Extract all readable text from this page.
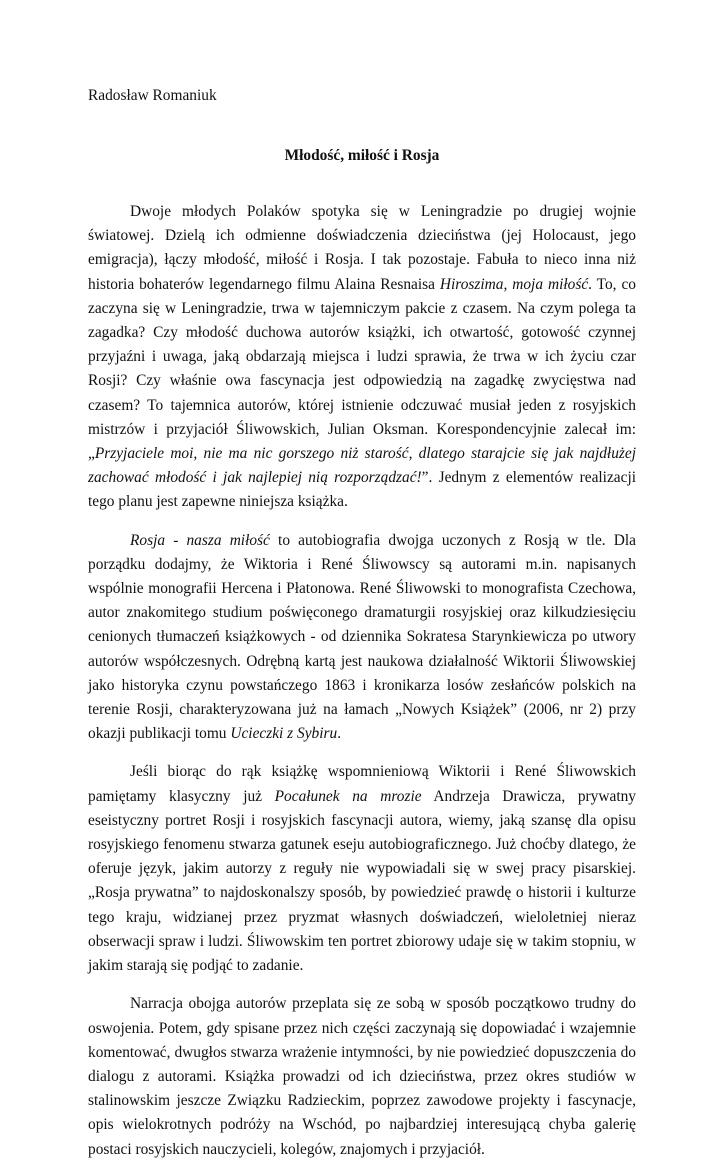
Radosław Romaniuk

Młodość, miłość i Rosja

Dwoje młodych Polaków spotyka się w Leningradzie po drugiej wojnie światowej. Dzielą ich odmienne doświadczenia dzieciństwa (jej Holocaust, jego emigracja), łączy młodość, miłość i Rosja. I tak pozostaje. Fabuła to nieco inna niż historia bohaterów legendarnego filmu Alaina Resnaisa Hiroszima, moja miłość. To, co zaczyna się w Leningradzie, trwa w tajemniczym pakcie z czasem. Na czym polega ta zagadka? Czy młodość duchowa autorów książki, ich otwartość, gotowość czynnej przyjaźni i uwaga, jaką obdarzają miejsca i ludzi sprawia, że trwa w ich życiu czar Rosji? Czy właśnie owa fascynacja jest odpowiedzią na zagadkę zwycięstwa nad czasem? To tajemnica autorów, której istnienie odczuwać musiał jeden z rosyjskich mistrzów i przyjaciół Śliwowskich, Julian Oksman. Korespondencyjnie zalecał im: „Przyjaciele moi, nie ma nic gorszego niż starość, dlatego starajcie się jak najdłużej zachować młodość i jak najlepiej nią rozporządzać!”. Jednym z elementów realizacji tego planu jest zapewne niniejsza książka.

Rosja - nasza miłość to autobiografia dwojga uczonych z Rosją w tle. Dla porządku dodajmy, że Wiktoria i René Śliwowscy są autorami m.in. napisanych wspólnie monografii Hercena i Płatonowa. René Śliwowski to monografista Czechowa, autor znakomitego studium poświęconego dramaturgii rosyjskiej oraz kilkudziesięciu cenionych tłumaczeń książkowych - od dziennika Sokratesa Starynkiewicza po utwory autorów współczesnych. Odrębną kartą jest naukowa działalność Wiktorii Śliwowskiej jako historyka czynu powstańczego 1863 i kronikarza losów zesłańców polskich na terenie Rosji, charakteryzowana już na łamach „Nowych Książek” (2006, nr 2) przy okazji publikacji tomu Ucieczki z Sybiru.

Jeśli biorąc do rąk książkę wspomnieniową Wiktorii i René Śliwowskich pamiętamy klasyczny już Pocałunek na mrozie Andrzeja Drawicza, prywatny eseistyczny portret Rosji i rosyjskich fascynacji autora, wiemy, jaką szansę dla opisu rosyjskiego fenomenu stwarza gatunek eseju autobiograficznego. Już choćby dlatego, że oferuje język, jakim autorzy z reguły nie wypowiadali się w swej pracy pisarskiej. „Rosja prywatna” to najdoskonalszy sposób, by powiedzieć prawdę o historii i kulturze tego kraju, widzianej przez pryzmat własnych doświadczeń, wieloletniej nieraz obserwacji spraw i ludzi. Śliwowskim ten portret zbiorowy udaje się w takim stopniu, w jakim starają się podjąć to zadanie.

Narracja obojga autorów przeplata się ze sobą w sposób początkowo trudny do oswojenia. Potem, gdy spisane przez nich części zaczynają się dopowiadać i wzajemnie komentować, dwugłos stwarza wrażenie intymności, by nie powiedzieć dopuszczenia do dialogu z autorami. Książka prowadzi od ich dzieciństwa, przez okres studiów w stalinowskim jeszcze Związku Radzieckim, poprzez zawodowe projekty i fascynacje, opis wielokrotnych podróży na Wschód, po najbardziej interesującą chyba galerię postaci rosyjskich nauczycieli, kolegów, znajomych i przyjaciół.
